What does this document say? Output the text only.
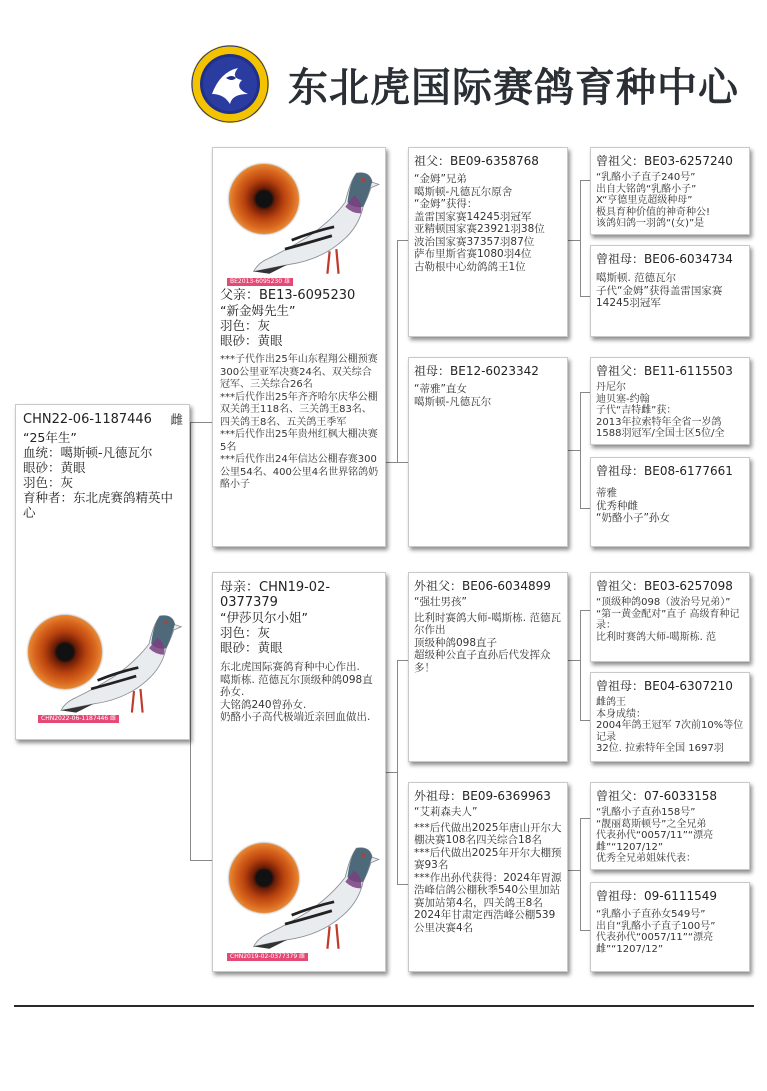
东北虎国际赛鸽育种中心
CHN22-06-1187446 雌
“25年生”
血统：噶斯顿-凡德瓦尔
眼砂：黄眼
羽色：灰
育种者：东北虎赛鸽精英中心
CHN2022-06-1187446 雌
BE2013-6095230 雄
父亲：BE13-6095230
“新金姆先生”
羽色：灰
眼砂：黄眼
***子代作出25年山东程翔公棚预赛300公里亚军决赛24名、双关综合冠军、三关综合26名
***后代作出25年齐齐哈尔庆华公棚双关鸽王118名、三关鸽王83名、四关鸽王8名、五关鸽王季军
***后代作出25年贵州红枫大棚决赛5名
***后代作出24年信达公棚春赛300公里54名、400公里4名世界铭鸽奶酪小子
母亲：CHN19-02-0377379
“伊莎贝尔小姐”
羽色：灰
眼砂：黄眼
东北虎国际赛鸽育种中心作出.
噶斯栋. 范德瓦尔顶级种鸽098直孙女.
大铭鸽240曾孙女.
奶酪小子高代极端近亲回血做出.
CHN2019-02-0377379 雌
祖父：BE09-6358768
“金姆”兄弟
噶斯顿-凡德瓦尔原舍
“金姆”获得：
盖雷国家赛14245羽冠军
亚精顿国家赛23921羽38位
波治国家赛37357羽87位
萨布里斯省赛1080羽4位
古勒根中心幼鸽鸽王1位
祖母：BE12-6023342
“蒂雅”直女
噶斯顿-凡德瓦尔
外祖父：BE06-6034899
“强壮男孩”
比利时赛鸽大师-噶斯栋. 范德瓦尔作出
顶级种鸽098直子
超级种公直子直孙后代发挥众多！
外祖母：BE09-6369963
“艾莉森夫人”
***后代做出2025年唐山开尔大棚决赛108名四关综合18名
***后代做出2025年开尔大棚预赛93名
***作出孙代获得：2024年胃源浩峰信鸽公棚秋季540公里加站赛加站第4名，四关鸽王8名
2024年甘肃定西浩峰公棚539公里决赛4名
曾祖父：BE03-6257240
“乳酪小子直子240号”
出自大铭鸽“乳酪小子”
X“亨德里克超级种母”
极具育种价值的神奇种公!
该鸽妇鸽一羽鸽“(女)”是
曾祖母：BE06-6034734
噶斯顿. 范德瓦尔
子代“金姆”获得盖雷国家赛14245羽冠军
曾祖父：BE11-6115503
丹尼尔
迪贝塞-约翰
子代“吉特雌”获：
2013年拉索特年全省一岁鸽
1588羽冠军/全国士区5位/全
曾祖母：BE08-6177661
蒂雅
优秀种雌
“奶酪小子”孙女
曾祖父：BE03-6257098
“顶级种鸽098（波治号兄弟）”
“第一黄金配对”直子 高级育种记录：
比利时赛鸽大师-噶斯栋. 范
曾祖母：BE04-6307210
雌鸽王
本身成绩：
2004年鸽王冠军 7次前10%等位记录
32位. 拉索特年全国 1697羽
曾祖父：07-6033158
“乳酪小子直孙158号”
“靓丽葛斯顿号”之全兄弟
代表孙代“0057/11”“漂亮雌”“1207/12”
优秀全兄弟姐妹代表：
曾祖母：09-6111549
“乳酪小子直孙女549号”
出自“乳酪小子直子100号”
代表孙代“0057/11”“漂亮雌”“1207/12”
